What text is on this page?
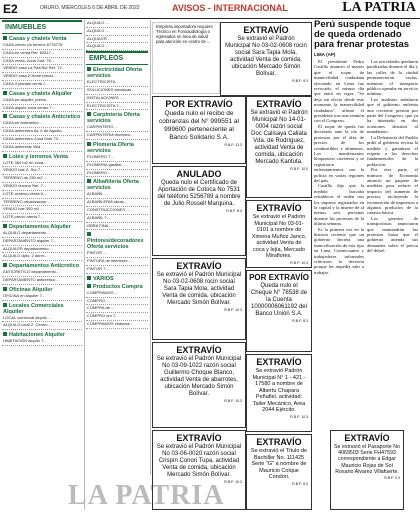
E2	ORURO, MIÉRCOLES 6 DE ABRIL DE 2022	AVISOS - INTERNACIONAL	LA PATRIA
INMUEBLES
Casas y chalets Venta
CASA vendo c/s terreno 6776776
CASA en venta Ref. 62517...
CASA venta, Zona Sud. 76...
VENDO casa La Paz/Sur Ref. 72...
VENDO casa Z.Norte precio...
CASA 3 plantas venta 7...
Casas y chalets Alquiler
CASA en alquiler, precio...
CASA alquilo zona centro 7...
Casas y chalets Anticretico
CASA en anticretico ...
CASA anticretico Av. 6 de Agosto...
CASA anticretico Zona Este 72...
CASA anticresis Villa ...
Lotes y terrenos Venta
LOTE 360 m2 en zona...
VENDO lote Z. Sur 7...
TERRENO de 250 m2 ...
VENDO terreno Ref. 7...
LOTE centrico venta 6...
TERRENO urbanizacion ...
VENDO lote 300 m2 ...
LOTE precio oferta 7...
Departamentos Alquiler
ALQUILO departamento ...
DEPARTAMENTO alquiler 7...
ALQUILER departamento ...
ALQUILO dpto. 2 dorm...
Departamentos Anticretico
ANTICRETICO departamento...
DEPARTAMENTO anticretico ...
Oficinas Alquiler
OFICINA en alquiler 7...
Locales Comerciales Alquiler
LOCAL comercial alquilo ...
ALQUILO local Z. Centro...
Habitaciones Alquiler
HABITACIÓN alquilo 7...
ALQUILO ...
ALQUILO ...
ALQUILER ...
ALQUILO ...
EMPLEOS
Electricidad Oferta servicios
ELECTRICISTA ...
SOLUCIONES electricas...
INSTALACIONES ...
ELECTRICISTA 7...
Carpintería Oferta servicios
CARPINTERO ...
CARPINTERIA muebles...
Plomería Oferta servicios
PLOMERO 7...
PLOMERIA gasfiter...
PLOMERO ...
Albañilería Oferta servicios
ALBAÑIL ...
ALBAÑILERIA obras...
CONSTRUCCIONES ...
ALBAÑIL 7...
OBRA FINA ...
Pintores/decoradores Oferta servicios
PINTOR ...
PINTURA de interiores...
PINTOR 7...
VARIOS
Productos Compra
COMPRAMOS ...
COMPRO ...
COMPRA de ...
COMPRO oro 7...
COMPRAMOS chatarra...
LA PATRIA
Empresa importadora requiere Técnico en Fonoaudiología o egresados en área de salud para atención en centro de ...
EXTRAVÍO
Se extravió el Padrón Municipal No 03-02-0608 rocin social Sara Tapia Mola, actividad Venta de comida, ubicación Mercado Simón Bolívar.
R.B.F: 9.3
POR EXTRAVÍO
Queda nulo el recibo de cobranzas del N° 999551 al 999600 perteneciente al Banco Solidario S.A.
R.B.F: 11.3
EXTRAVÍO
Se extravió el Padrón Municipal No 14-01-0004 razón social Doc Calisaya Callata Vda. de Rodríguez, actividad Venta de comida, ubicación Mercado Kantuta.
R.B.F: 10.0
ANULADO
Queda nulo el Certificado de Aportación de Cotoca No 7531 del teléfono 5256789 a nombre de Julio Rossell Marquina.
R.B.F: 8.3
EXTRAVÍO
Se extravió el Padrón Municipal No 03-02-0608 rocin social Sara Tapia Mola, actividad Venta de comida, ubicación Mercado Simón Bolívar.
R.B.F: 10.3
EXTRAVÍO
Se extravió el Padrón Municipal No 03-09-1022 razón social Guillermo Choque Blanco, actividad Venta de abarrotes, ubicación Mercado Simón Bolívar.
R.B.F: 10.3
EXTRAVÍO
Se extravió el Padrón Municipal No 03-06-0020 razón social Crispín Conori Tupa, actividad Venta de comida, ubicación Mercado Simón Bolívar.
R.B.F: 10.3
EXTRAVÍO
Se extravió el Padrón Municipal No 03-01-0101 a nombre de Ximena Muñoz Janco, actividad Venta de coca y lejía, Mercado Miraflores.
R.B.F: 10.3
POR EXTRAVÍO
Queda nulo el Cheque N° 78538 de la Cuenta 10000006061192 del Banco Unión S.A.
R.B.F: 8.3
EXTRAVÍO
Se extravió Padrón Municipal N° 1 - 421 - 17580 a nombre de Albertu Chapara Peñafiel, actividad: Taller Mecánico, Area 2044 Ejército.
R.B.F: 10.3
EXTRAVÍO
Se extravió el Título de Bachiller No. 111425 Serie "G" a nombre de Mauricio Colque Condori.
R.B.F: 8.3
Perú suspende toque de queda ordenado para frenar protestas
LIMA (AP)

El presidente Pedro Castillo anunció el martes que el toque de inamovilidad ciudadana ejecutado en Lima fue revocado, el mismo día que entró en vigor. "Se deja sin efecto desde este momento la inamovilidad ciudadana", afirmó el presidente tras una reunión con el Congreso.

El toque de queda fue decretado ante la ola de protestas por el alza de precios de los combustibles y alimentos. Los manifestantes bloquearon carreteras y se registraron enfrentamientos con la policía en varias regiones del país.

Castillo dijo que la medida buscaba restablecer el orden tras los saqueos registrados en la capital y la muerte de al menos seis personas durante las protestas de la última semana.

Es la primera vez en la historia reciente que un gobierno decreta una inmovilización de este tipo en Lima. Comerciantes y trabajadores informales criticaron la decisión porque les impedía salir a trabajar.

Las actividades quedaron paralizadas durante el día y las calles de la ciudad permanecieron vacías, mientras el transporte público operaba en servicio mínimo.

Los analistas señalaron que el gobierno enfrenta una creciente presión por parte del Congreso, que ya ha intentado en dos ocasiones destituir al mandatario.

La Defensoría del Pueblo pidió al gobierno revisar la medida y garantizar el respeto a los derechos fundamentales de la población.

Por otra parte, el ministro de Economía anunció un paquete de medidas para reducir el impacto del aumento de precios, incluyendo la exoneración de impuestos a algunos productos de la canasta básica.

Los gremios de transportistas anunciaron que mantendrán las protestas hasta que el gobierno atienda sus demandas sobre el precio del diésel.

EXTRAVÍO
Se extravió el Pasaporte No 4069503 Serie FH47593 correspondiente a Edgar Mauricio Rojas de Sol Rosario Alvarez Villafuerte.
R.B.F: 9.3
